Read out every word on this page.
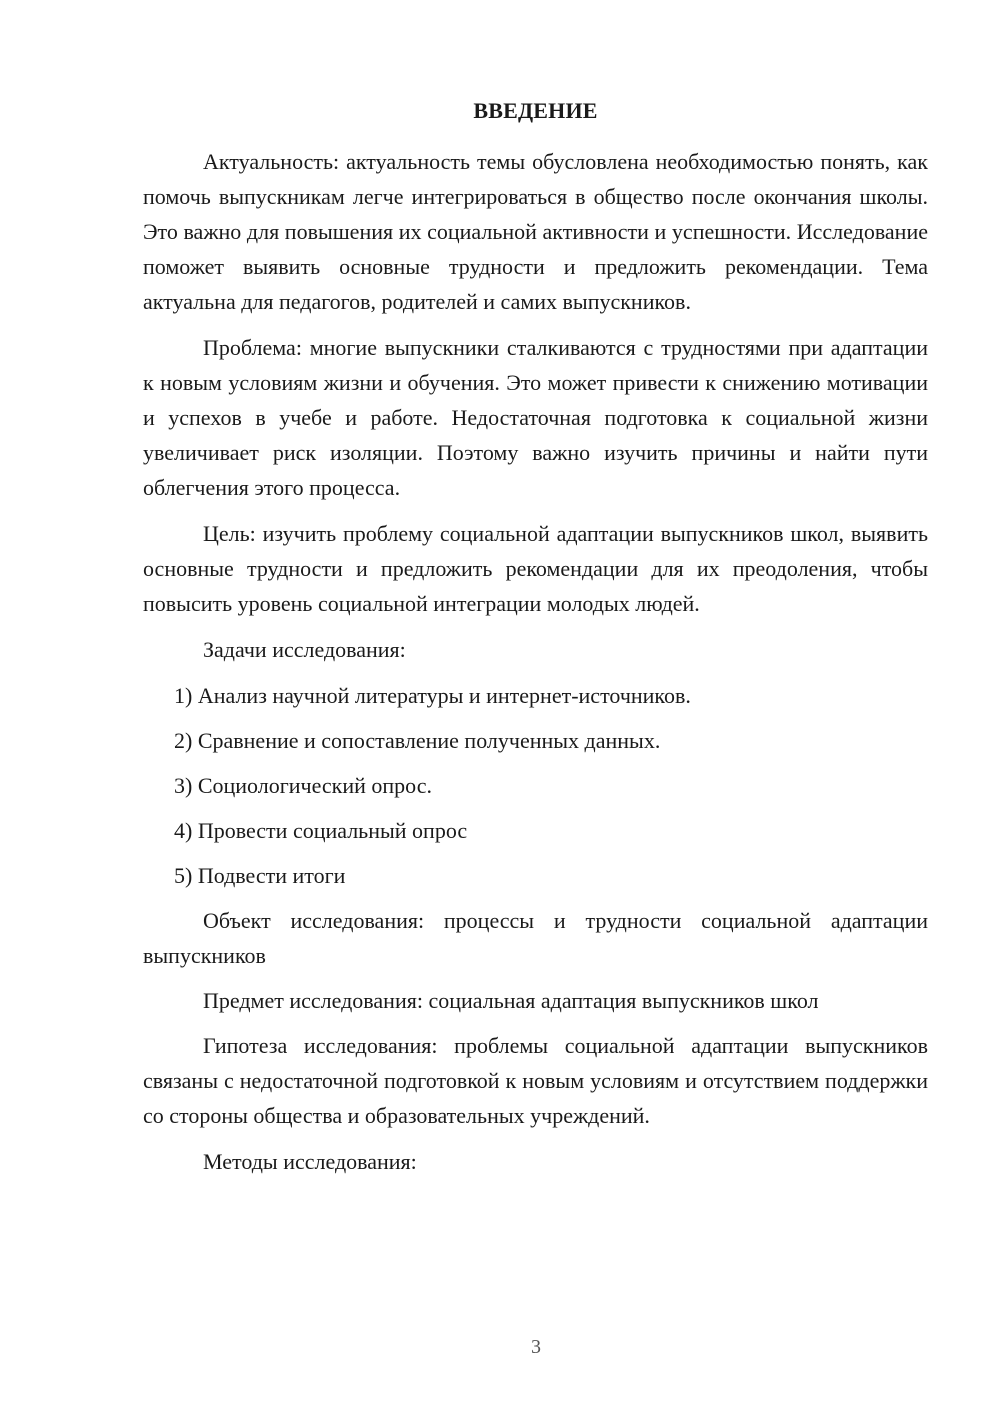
ВВЕДЕНИЕ

Актуальность: актуальность темы обусловлена необходимостью понять, как помочь выпускникам легче интегрироваться в общество после окончания школы. Это важно для повышения их социальной активности и успешности. Исследование поможет выявить основные трудности и предложить рекомендации. Тема актуальна для педагогов, родителей и самих выпускников.

Проблема: многие выпускники сталкиваются с трудностями при адаптации к новым условиям жизни и обучения. Это может привести к снижению мотивации и успехов в учебе и работе. Недостаточная подготовка к социальной жизни увеличивает риск изоляции. Поэтому важно изучить причины и найти пути облегчения этого процесса.

Цель: изучить проблему социальной адаптации выпускников школ, выявить основные трудности и предложить рекомендации для их преодоления, чтобы повысить уровень социальной интеграции молодых людей.

Задачи исследования:

1) Анализ научной литературы и интернет-источников.

2) Сравнение и сопоставление полученных данных.

3) Социологический опрос.

4) Провести социальный опрос

5) Подвести итоги

Объект исследования: процессы и трудности социальной адаптации выпускников

Предмет исследования: социальная адаптация выпускников школ

Гипотеза исследования: проблемы социальной адаптации выпускников связаны с недостаточной подготовкой к новым условиям и отсутствием поддержки со стороны общества и образовательных учреждений.

Методы исследования:

3
